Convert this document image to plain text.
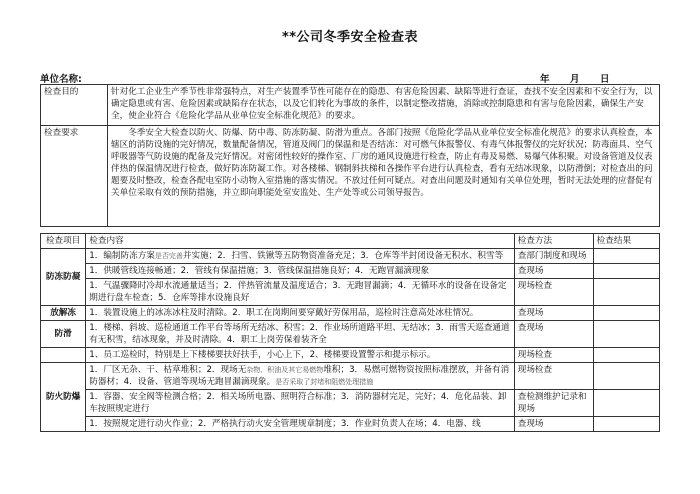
**公司冬季安全检查表
单位名称:	年 月 日
检查目的	针对化工企业生产季节性非常强特点，对生产装置季节性可能存在的隐患、有害危险因素、缺陷等进行查证，查找不安全因素和不安全行为，以确定隐患或有害、危险因素或缺陷存在状态，以及它们转化为事故的条件，以制定整改措施，消除或控制隐患和有害与危险因素，确保生产安全，使企业符合《危险化学品从业单位安全标准化规范》的要求。
检查要求	冬季安全大检查以防火、防爆、防中毒、防冻防凝、防滑为重点。各部门按照《危险化学品从业单位安全标准化规范》的要求认真检查，本辖区的消防设施的完好情况，数量配备情况，管道及阀门的保温和是否结冻：对可燃气体报警仪、有毒气体报警仪的完好状况；防毒面具、空气呼吸器等气防设施的配备及完好情况。对密闭性较好的操作室、厂房的通风设施进行检查，防止有毒及易燃、易爆气体积聚。对设备管道及仪表伴热的保温情况进行检查，做好防冻防凝工作。对各楼梯、钢制斜扶梯和各操作平台进行认真检查，看有无结冰现象，以防滑倒；对检查出的问题要及时整改，检查各配电室防小动物入室措施的落实情况。不放过任何可疑点。对查出问题及时通知有关单位处理，暂时无法处理的应督促有关单位采取有效的预防措施，并立即向职能处室安监处、生产处等或公司领导报告。
检查项目	检查内容	检查方法	检查结果
防冻防凝	1．编制防冻方案是否完善并实施；2．扫雪、铁锹等五防物资准备充足；3．仓库等半封闭设备无积水、积雪等	查部门制度和现场	
	1．供暖管线连接畅通；2．管线有保温措施；3．管线保温措施良好；4．无跑冒漏滴现象	查现场	
	1．气温骤降时冷却水流通量适当；2．伴热管流量及温度适合；3．无跑冒漏滴；4．无循环水的设备在设备定期进行盘车检查；5．仓库等排水设施良好	现场检查	
放解冻	1．装置设施上的冰冻冰柱及时清除。2．职工在岗期间要穿戴好劳保用品，巡检时注意高处冰柱情况。	查现场	
防滑	1．楼梯、斜坡、巡检通道工作平台等场所无结冰、积雪；2．作业场所道路平坦、无结冰；3．雨雪天巡查通道有无积雪，结冰现象，并及时清除。4．职工上岗劳保着装齐全	查现场	
	1、员工巡检时，特别是上下楼梯要扶好扶手，小心上下，2、楼梯要设置警示和提示标示。	现场检查	
防火防爆	1．厂区无杂、干、枯草堆积；2．现场无杂物、积油及其它易燃物堆积；3．易燃可燃物资按照标准摆放，并备有消防器材；4．设备、管道等现场无跑冒漏滴现象。是否采取了封堵和阻燃处理措施	现场检查	
	1．容器、安全阀等检测合格；2．相关场所电器、照明符合标准；3．消防器材完足，完好；4．危化品装、卸车按照规定进行	查检测维护记录和现场	
	1．按照规定进行动火作业；2．严格执行动火安全管理规章制度；3．作业时负责人在场；4．电器、线	查现场	
